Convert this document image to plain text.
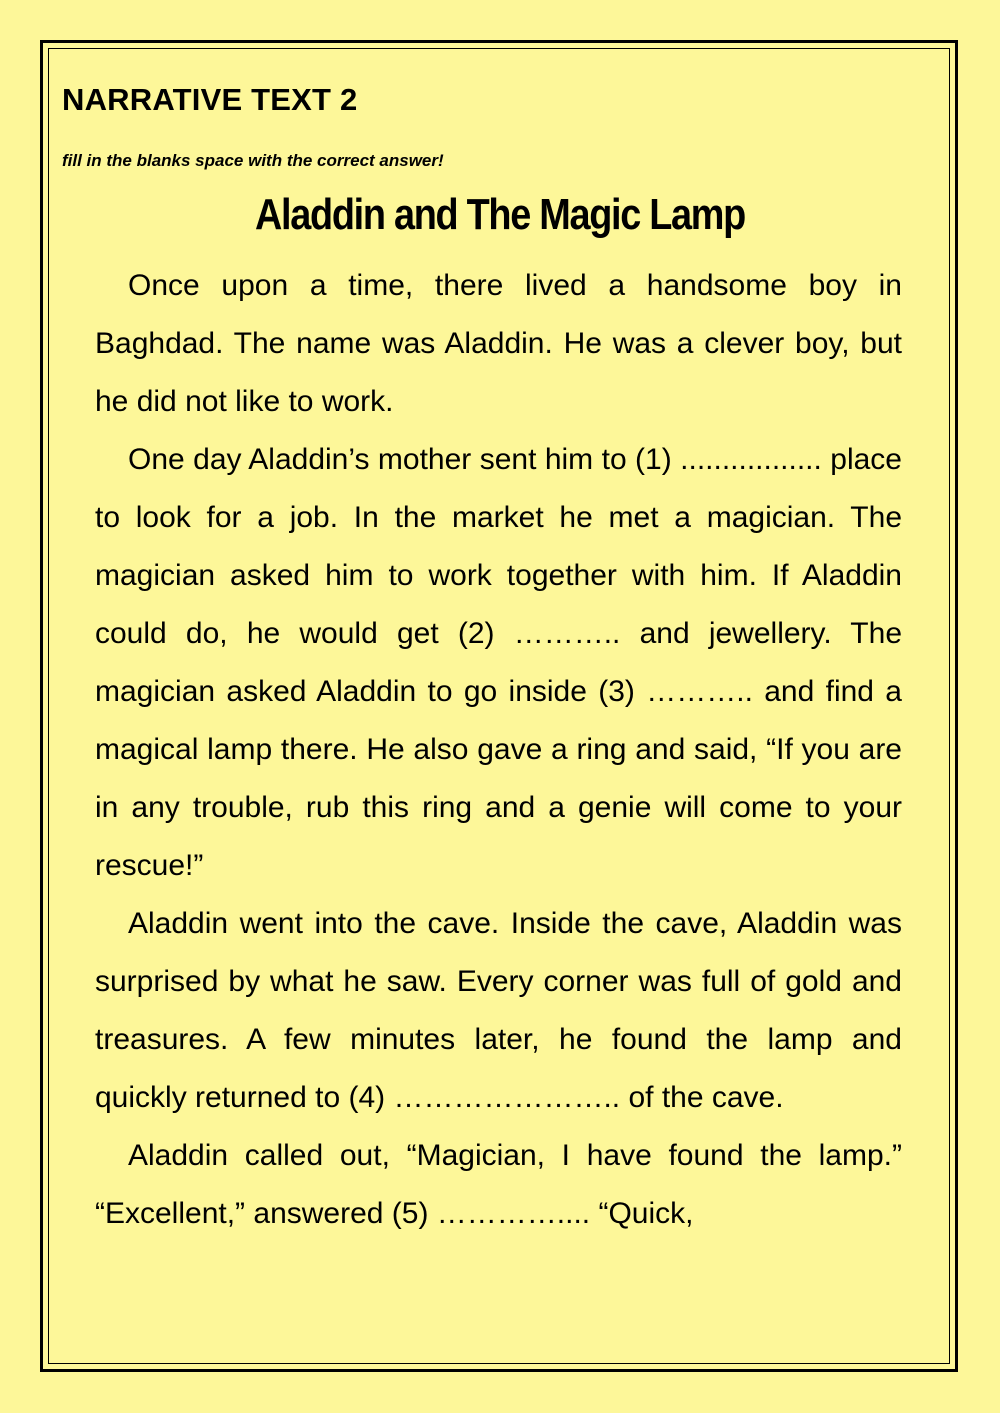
NARRATIVE TEXT 2
fill in the blanks space with the correct answer!
Aladdin and The Magic Lamp

Once upon a time, there lived a handsome boy in Baghdad. The name was Aladdin. He was a clever boy, but he did not like to work.

One day Aladdin’s mother sent him to (1) ................. place to look for a job. In the market he met a magician. The magician asked him to work together with him. If Aladdin could do, he would get (2) ……….. and jewellery. The magician asked Aladdin to go inside (3) ……….. and find a magical lamp there. He also gave a ring and said, “If you are in any trouble, rub this ring and a genie will come to your rescue!”

Aladdin went into the cave. Inside the cave, Aladdin was surprised by what he saw. Every corner was full of gold and treasures. A few minutes later, he found the lamp and quickly returned to (4) ………………….. of the cave.

Aladdin called out, “Magician, I have found the lamp.” “Excellent,” answered (5) ………….... “Quick,
